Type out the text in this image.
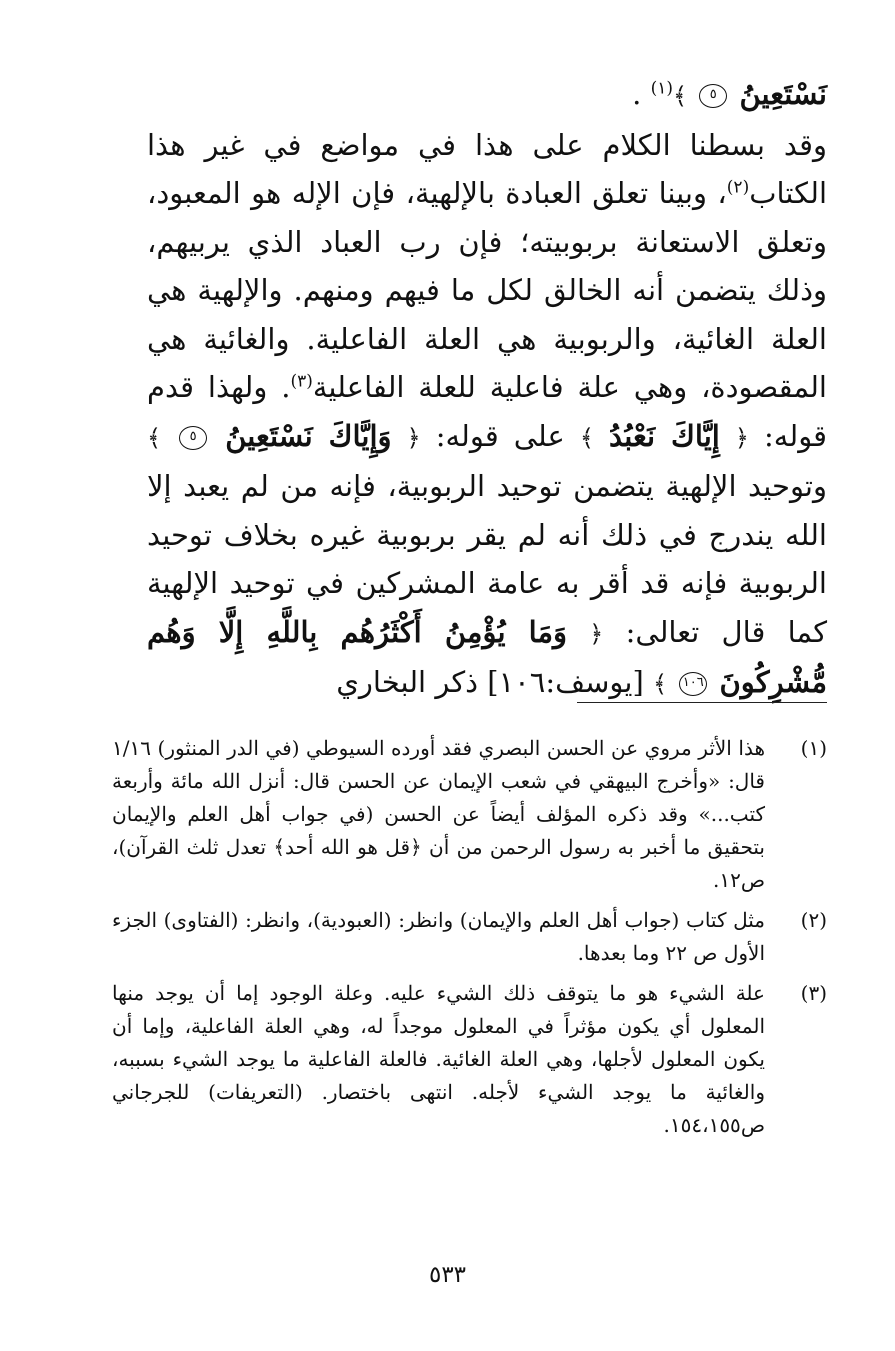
نَسْتَعِينُ ٥ ﴾$^{(١)}$ .

وقد بسطنا الكلام على هذا في مواضع في غير هذا الكتاب$^{(٢)}$، وبينا تعلق العبادة بالإلهية، فإن الإله هو المعبود، وتعلق الاستعانة بربوبيته؛ فإن رب العباد الذي يربيهم، وذلك يتضمن أنه الخالق لكل ما فيهم ومنهم. والإلهية هي العلة الغائية، والربوبية هي العلة الفاعلية. والغائية هي المقصودة، وهي علة فاعلية للعلة الفاعلية$^{(٣)}$. ولهذا قدم قوله: ﴿ إِيَّاكَ نَعْبُدُ ﴾ على قوله: ﴿ وَإِيَّاكَ نَسْتَعِينُ ٥ ﴾ وتوحيد الإلهية يتضمن توحيد الربوبية، فإنه من لم يعبد إلا الله يندرج في ذلك أنه لم يقر بربوبية غيره بخلاف توحيد الربوبية فإنه قد أقر به عامة المشركين في توحيد الإلهية كما قال تعالى: ﴿ وَمَا يُؤْمِنُ أَكْثَرُهُم بِاللَّهِ إِلَّا وَهُم مُّشْرِكُونَ ١٠٦ ﴾ [يوسف:١٠٦] ذكر البخاري

(١)
هذا الأثر مروي عن الحسن البصري فقد أورده السيوطي (في الدر المنثور) ١/١٦ قال: «وأخرج البيهقي في شعب الإيمان عن الحسن قال: أنزل الله مائة وأربعة كتب...» وقد ذكره المؤلف أيضاً عن الحسن (في جواب أهل العلم والإيمان بتحقيق ما أخبر به رسول الرحمن من أن ﴿قل هو الله أحد﴾ تعدل ثلث القرآن)، ص١٢.
(٢)
مثل كتاب (جواب أهل العلم والإيمان) وانظر: (العبودية)، وانظر: (الفتاوى) الجزء الأول ص ٢٢ وما بعدها.
(٣)
علة الشيء هو ما يتوقف ذلك الشيء عليه. وعلة الوجود إما أن يوجد منها المعلول أي يكون مؤثراً في المعلول موجداً له، وهي العلة الفاعلية، وإما أن يكون المعلول لأجلها، وهي العلة الغائية. فالعلة الفاعلية ما يوجد الشيء بسببه، والغائية ما يوجد الشيء لأجله. انتهى باختصار. (التعريفات) للجرجاني ص١٥٤،١٥٥.
٥٣٣
